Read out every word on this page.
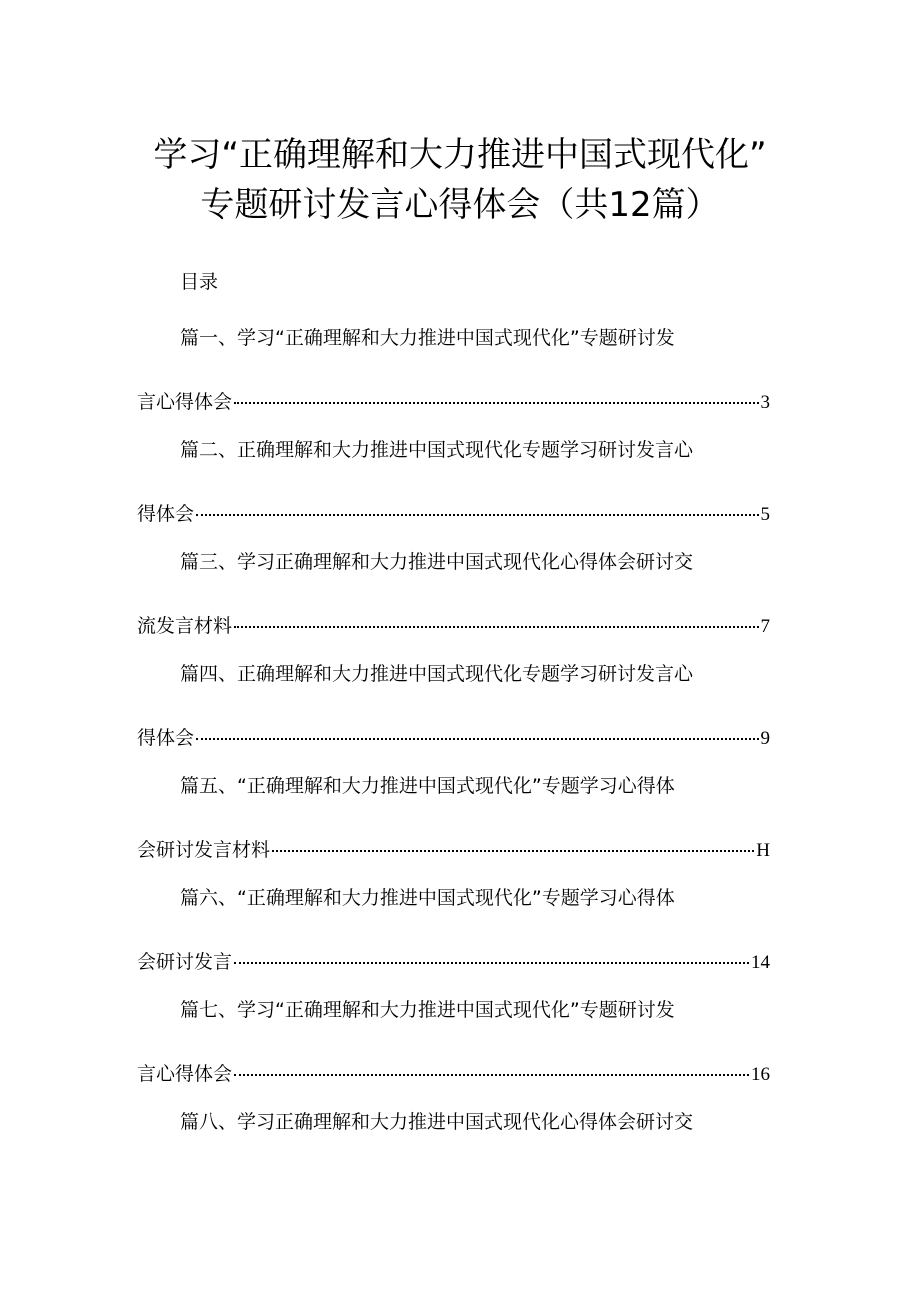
学习“正确理解和大力推进中国式现代化”
专题研讨发言心得体会（共12篇）
目录
篇一、学习“正确理解和大力推进中国式现代化”专题研讨发
言心得体会	3
篇二、正确理解和大力推进中国式现代化专题学习研讨发言心
得体会	5
篇三、学习正确理解和大力推进中国式现代化心得体会研讨交
流发言材料	7
篇四、正确理解和大力推进中国式现代化专题学习研讨发言心
得体会	9
篇五、“正确理解和大力推进中国式现代化”专题学习心得体
会研讨发言材料	H
篇六、“正确理解和大力推进中国式现代化”专题学习心得体
会研讨发言	14
篇七、学习“正确理解和大力推进中国式现代化”专题研讨发
言心得体会	16
篇八、学习正确理解和大力推进中国式现代化心得体会研讨交
